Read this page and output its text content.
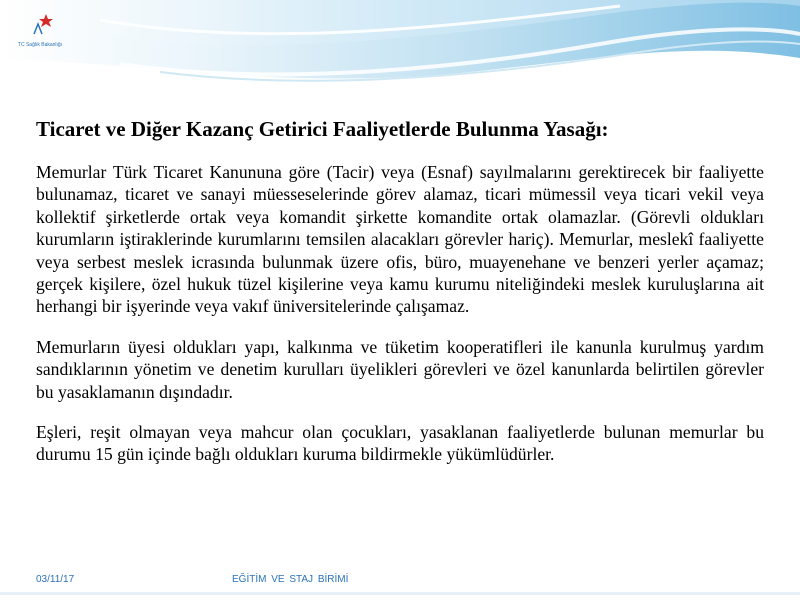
TC Sağlık Bakanlığı

Ticaret ve Diğer Kazanç Getirici Faaliyetlerde Bulunma Yasağı:

Memurlar Türk Ticaret Kanununa göre (Tacir) veya (Esnaf) sayılmalarını gerektirecek bir faaliyette bulunamaz, ticaret ve sanayi müesseselerinde görev alamaz, ticari mümessil veya ticari vekil veya kollektif şirketlerde ortak veya komandit şirkette komandite ortak olamazlar. (Görevli oldukları kurumların iştiraklerinde kurumlarını temsilen alacakları görevler hariç). Memurlar, meslekî faaliyette veya serbest meslek icrasında bulunmak üzere ofis, büro, muayenehane ve benzeri yerler açamaz; gerçek kişilere, özel hukuk tüzel kişilerine veya kamu kurumu niteliğindeki meslek kuruluşlarına ait herhangi bir işyerinde veya vakıf üniversitelerinde çalışamaz.

Memurların üyesi oldukları yapı, kalkınma ve tüketim kooperatifleri ile kanunla kurulmuş yardım sandıklarının yönetim ve denetim kurulları üyelikleri görevleri ve özel kanunlarda belirtilen görevler bu yasaklamanın dışındadır.

Eşleri, reşit olmayan veya mahcur olan çocukları, yasaklanan faaliyetlerde bulunan memurlar bu durumu 15 gün içinde bağlı oldukları kuruma bildirmekle yükümlüdürler.

03/11/17	EĞİTİM VE STAJ BİRİMİ
